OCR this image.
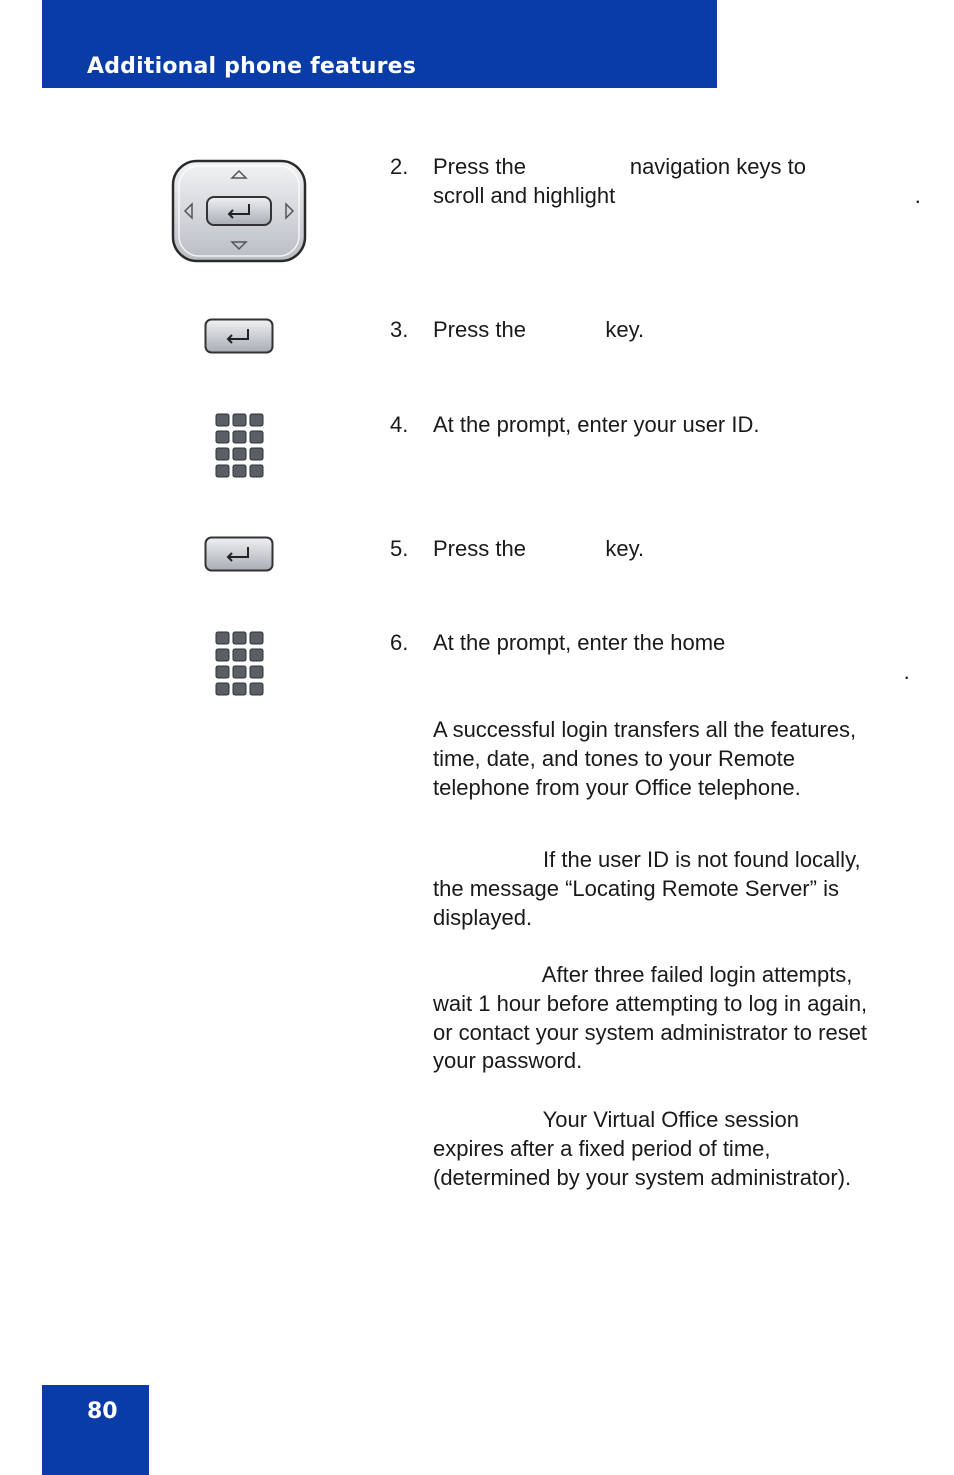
Additional phone features
2. Press the                 navigation keys to
scroll and highlight                                                 .
3. Press the             key.
4. At the prompt, enter your user ID.
5. Press the             key.
6. At the prompt, enter the home
.
A successful login transfers all the features, time, date, and tones to your Remote telephone from your Office telephone.
If the user ID is not found locally, the message “Locating Remote Server” is displayed.
After three failed login attempts, wait 1 hour before attempting to log in again, or contact your system administrator to reset your password.
Your Virtual Office session expires after a fixed period of time, (determined by your system administrator).
80
